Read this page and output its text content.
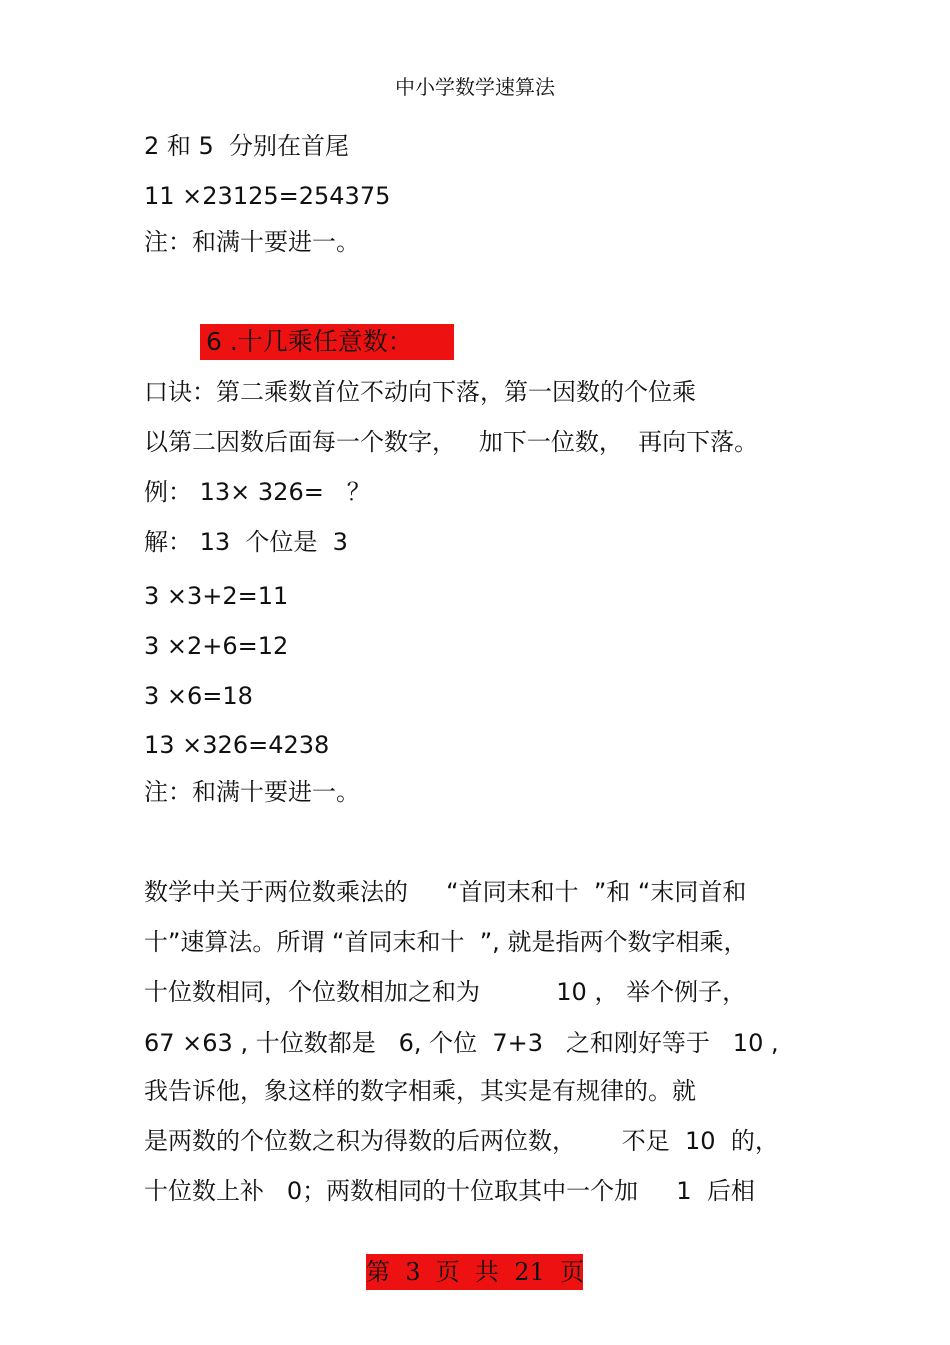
中小学数学速算法
2 和 5  分别在首尾
11 ×23125=254375
注：和满十要进一。
6 .十几乘任意数：
口诀：第二乘数首位不动向下落，第一因数的个位乘
以第二因数后面每一个数字，   加下一位数，  再向下落。
例： 13× 326=   ？
解： 13  个位是  3
3 ×3+2=11
3 ×2+6=12
3 ×6=18
13 ×326=4238
注：和满十要进一。
数学中关于两位数乘法的     “首同末和十  ”和 “末同首和
十”速算法。所谓 “首同末和十  ”, 就是指两个数字相乘，
十位数相同，个位数相加之和为          10 ， 举个例子，
67 ×63 , 十位数都是   6, 个位  7+3   之和刚好等于   10 ,
我告诉他，象这样的数字相乘，其实是有规律的。就
是两数的个位数之积为得数的后两位数，      不足  10  的，
十位数上补   0；两数相同的十位取其中一个加     1  后相
第  3  页  共  21  页
